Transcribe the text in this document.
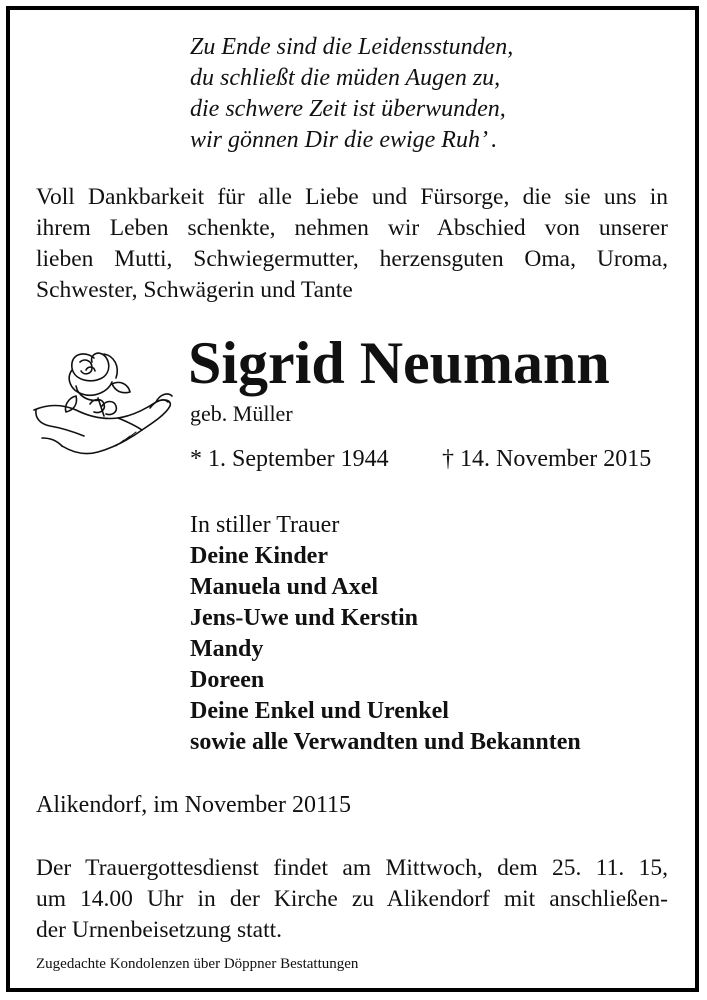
Zu Ende sind die Leidensstunden,
du schließt die müden Augen zu,
die schwere Zeit ist überwunden,
wir gönnen Dir die ewige Ruh’ .
Voll Dankbarkeit für alle Liebe und Fürsorge, die sie uns in
ihrem Leben schenkte, nehmen wir Abschied von unserer
lieben Mutti, Schwiegermutter, herzensguten Oma, Uroma,
Schwester, Schwägerin und Tante
Sigrid Neumann
geb. Müller
* 1. September 1944 † 14. November 2015
In stiller Trauer
Deine Kinder
Manuela und Axel
Jens-Uwe und Kerstin
Mandy
Doreen
Deine Enkel und Urenkel
sowie alle Verwandten und Bekannten
Alikendorf, im November 20115
Der Trauergottesdienst findet am Mittwoch, dem 25. 11. 15,
um 14.00 Uhr in der Kirche zu Alikendorf mit anschließen-
der Urnenbeisetzung statt.
Zugedachte Kondolenzen über Döppner Bestattungen
